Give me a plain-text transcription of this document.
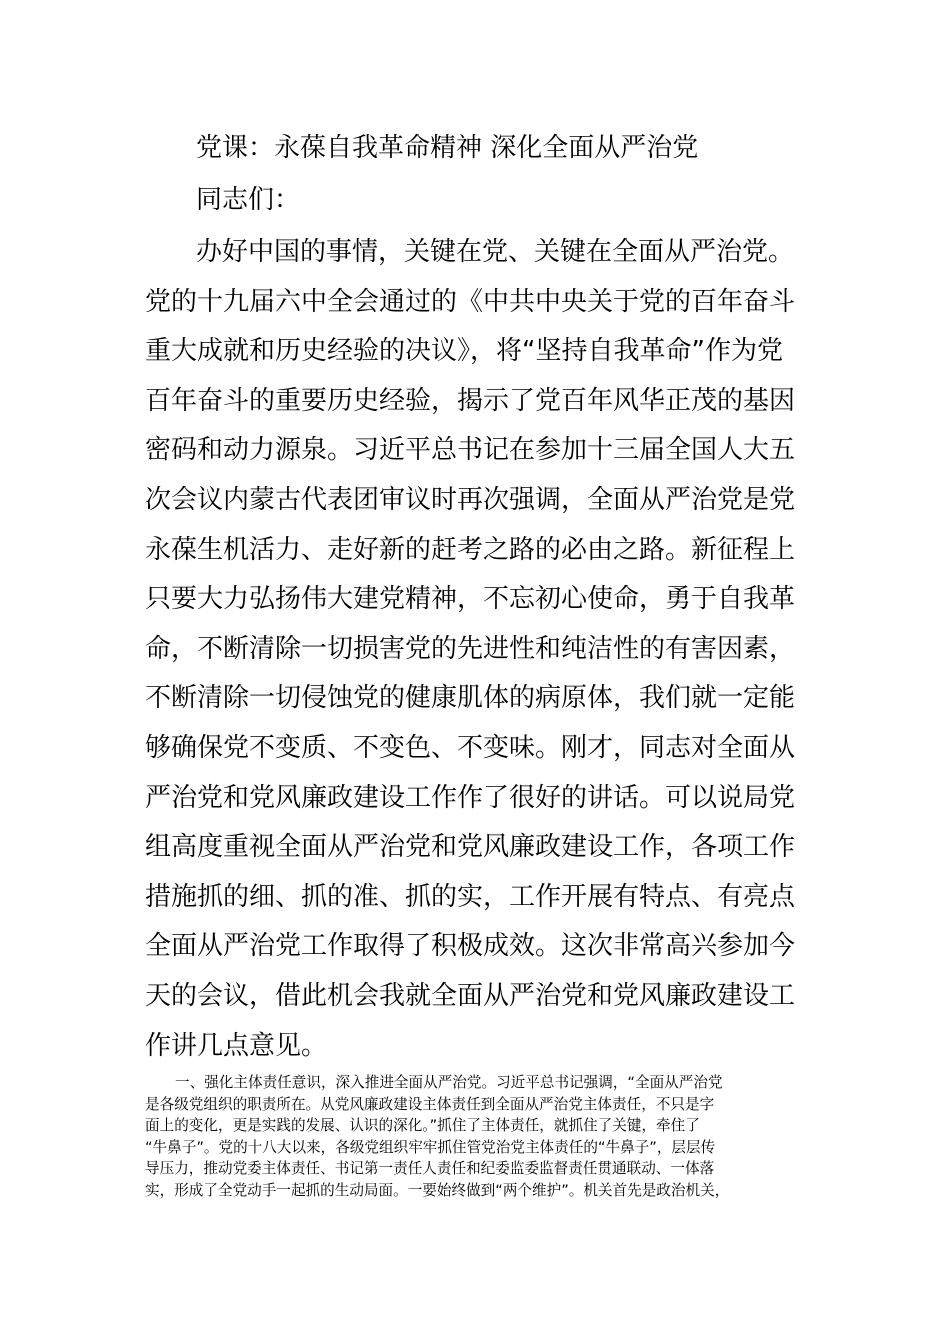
党课：永葆自我革命精神 深化全面从严治党
同志们：
办好中国的事情，关键在党、关键在全面从严治党。
党的十九届六中全会通过的《中共中央关于党的百年奋斗
重大成就和历史经验的决议》，将“坚持自我革命”作为党
百年奋斗的重要历史经验，揭示了党百年风华正茂的基因
密码和动力源泉。习近平总书记在参加十三届全国人大五
次会议内蒙古代表团审议时再次强调，全面从严治党是党
永葆生机活力、走好新的赶考之路的必由之路。新征程上
只要大力弘扬伟大建党精神，不忘初心使命，勇于自我革
命，不断清除一切损害党的先进性和纯洁性的有害因素，
不断清除一切侵蚀党的健康肌体的病原体，我们就一定能
够确保党不变质、不变色、不变味。刚才，同志对全面从
严治党和党风廉政建设工作作了很好的讲话。可以说局党
组高度重视全面从严治党和党风廉政建设工作，各项工作
措施抓的细、抓的准、抓的实，工作开展有特点、有亮点
全面从严治党工作取得了积极成效。这次非常高兴参加今
天的会议，借此机会我就全面从严治党和党风廉政建设工
作讲几点意见。
一、强化主体责任意识，深入推进全面从严治党。习近平总书记强调，“全面从严治党
是各级党组织的职责所在。从党风廉政建设主体责任到全面从严治党主体责任，不只是字
面上的变化，更是实践的发展、认识的深化。”抓住了主体责任，就抓住了关键，牵住了
“牛鼻子”。党的十八大以来，各级党组织牢牢抓住管党治党主体责任的“牛鼻子”，层层传
导压力，推动党委主体责任、书记第一责任人责任和纪委监委监督责任贯通联动、一体落
实，形成了全党动手一起抓的生动局面。一要始终做到“两个维护”。机关首先是政治机关，
